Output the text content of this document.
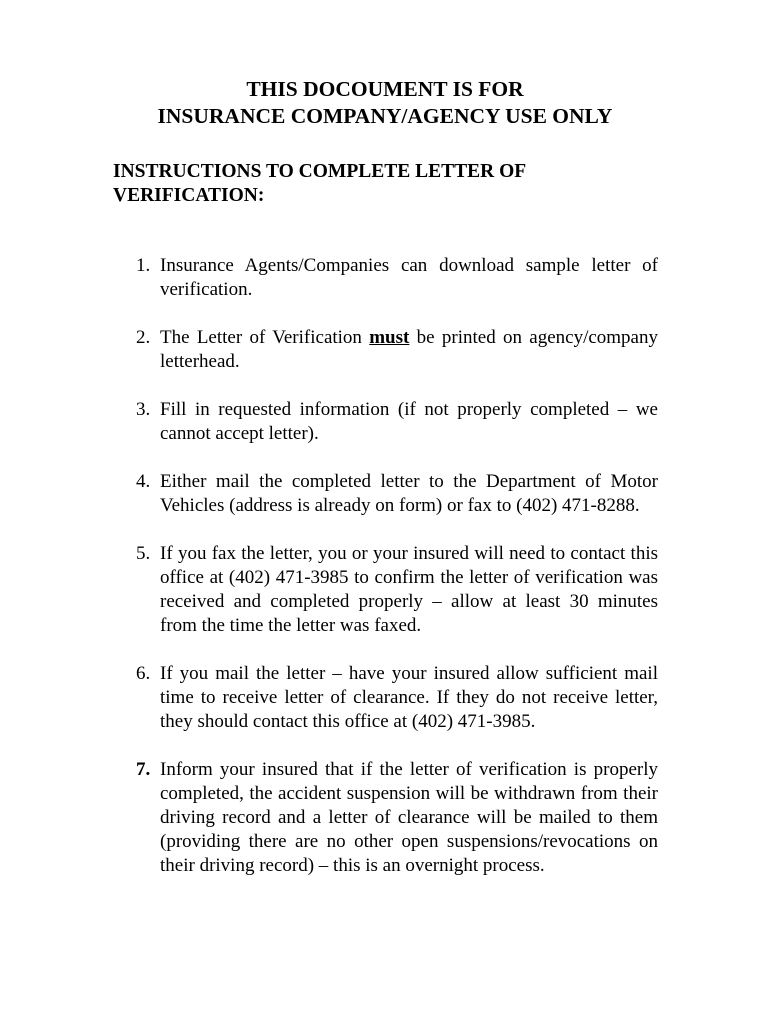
THIS DOCOUMENT IS FOR
INSURANCE COMPANY/AGENCY USE ONLY
INSTRUCTIONS TO COMPLETE LETTER OF
VERIFICATION:
1. Insurance Agents/Companies can download sample letter of verification.
2. The Letter of Verification must be printed on agency/company letterhead.
3. Fill in requested information (if not properly completed – we cannot accept letter).
4. Either mail the completed letter to the Department of Motor Vehicles (address is already on form) or fax to (402) 471-8288.
5. If you fax the letter, you or your insured will need to contact this office at (402) 471-3985 to confirm the letter of verification was received and completed properly – allow at least 30 minutes from the time the letter was faxed.
6. If you mail the letter – have your insured allow sufficient mail time to receive letter of clearance. If they do not receive letter, they should contact this office at (402) 471-3985.
7. Inform your insured that if the letter of verification is properly completed, the accident suspension will be withdrawn from their driving record and a letter of clearance will be mailed to them (providing there are no other open suspensions/revocations on their driving record) – this is an overnight process.
